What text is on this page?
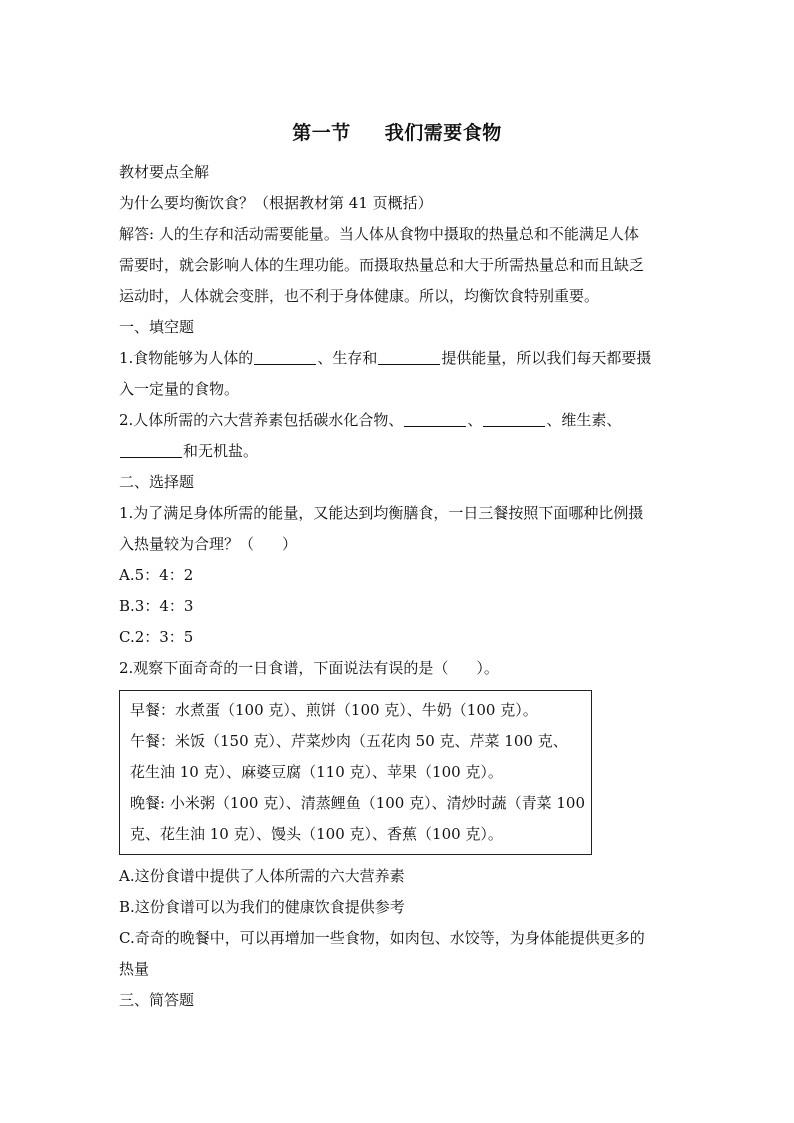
第一节 我们需要食物
教材要点全解
为什么要均衡饮食？（根据教材第 41 页概括）
解答: 人的生存和活动需要能量。当人体从食物中摄取的热量总和不能满足人体
需要时，就会影响人体的生理功能。而摄取热量总和大于所需热量总和而且缺乏
运动时，人体就会变胖，也不利于身体健康。所以，均衡饮食特别重要。
一、填空题
1.食物能够为人体的	、生存和	提供能量，所以我们每天都要摄
入一定量的食物。
2.人体所需的六大营养素包括碳水化合物、	、	、维生素、
和无机盐。
二、选择题
1.为了满足身体所需的能量，又能达到均衡膳食，一日三餐按照下面哪种比例摄
入热量较为合理？（ ）
A.5：4：2
B.3：4：3
C.2：3：5
2.观察下面奇奇的一日食谱，下面说法有误的是（ ）。
早餐：水煮蛋（100 克）、煎饼（100 克）、牛奶（100 克）。
午餐：米饭（150 克）、芹菜炒肉（五花肉 50 克、芹菜 100 克、
花生油 10 克）、麻婆豆腐（110 克）、苹果（100 克）。
晚餐: 小米粥（100 克）、清蒸鲤鱼（100 克）、清炒时蔬（青菜 100
克、花生油 10 克）、馒头（100 克）、香蕉（100 克）。
A.这份食谱中提供了人体所需的六大营养素
B.这份食谱可以为我们的健康饮食提供参考
C.奇奇的晚餐中，可以再增加一些食物，如肉包、水饺等，为身体能提供更多的
热量
三、简答题
